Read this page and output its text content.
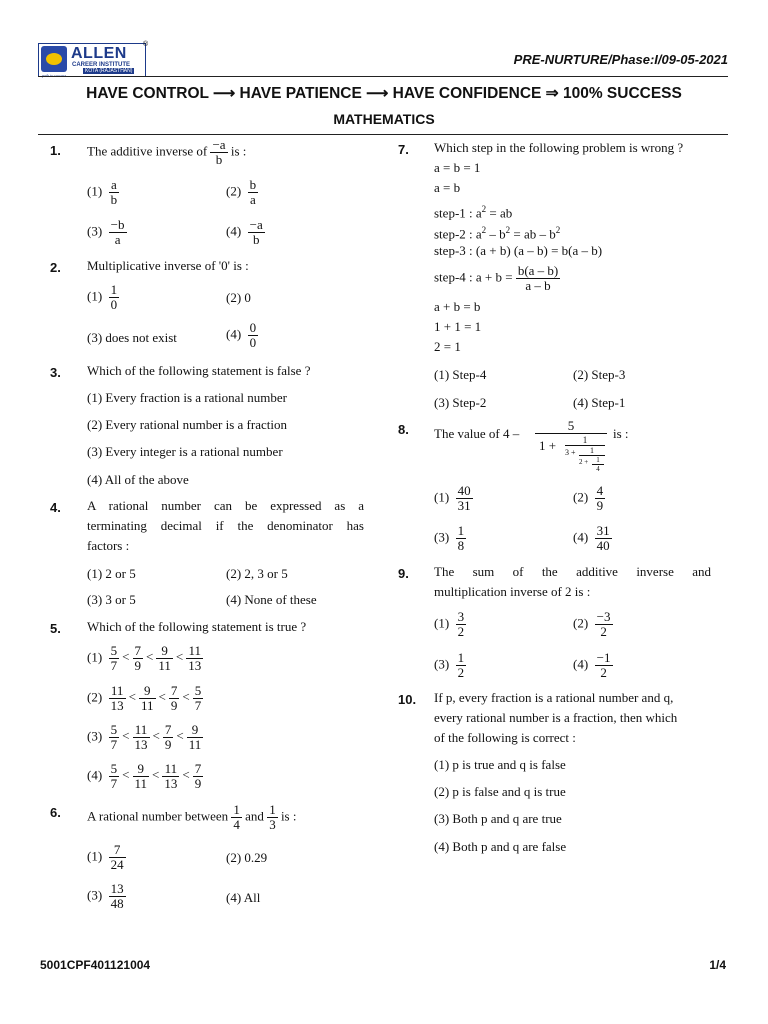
ALLEN
CAREER INSTITUTE
KOTA (RAJASTHAN)
®
PRE-NURTURE/Phase:I/09-05-2021
HAVE CONTROL ⟶ HAVE PATIENCE ⟶ HAVE CONFIDENCE ⇒ 100% SUCCESS
MATHEMATICS
1. The additive inverse of $\frac{-a}{b}$ is :
$(1) \frac{a}{b}$	$(2) \frac{b}{a}$
$(3) \frac{-b}{a}$	$(4) \frac{-a}{b}$
2. Multiplicative inverse of '0' is :
$(1) \frac{1}{0}$	(2) 0
(3) does not exist	$(4) \frac{0}{0}$
3. Which of the following statement is false ?
(1) Every fraction is a rational number
(2) Every rational number is a fraction
(3) Every integer is a rational number
(4) All of the above
4. A rational number can be expressed as a
terminating decimal if the denominator has
factors :
(1) 2 or 5	(2) 2, 3 or 5
(3) 3 or 5	(4) None of these
5. Which of the following statement is true ?
$(1) \frac{5}{7} < \frac{7}{9} < \frac{9}{11} < \frac{11}{13}$
$(2) \frac{11}{13} < \frac{9}{11} < \frac{7}{9} < \frac{5}{7}$
$(3) \frac{5}{7} < \frac{11}{13} < \frac{7}{9} < \frac{9}{11}$
$(4) \frac{5}{7} < \frac{9}{11} < \frac{11}{13} < \frac{7}{9}$
6. A rational number between $\frac{1}{4}$ and $\frac{1}{3}$ is :
$(1) \frac{7}{24}$	(2) 0.29
$(3) \frac{13}{48}$	(4) All
7. Which step in the following problem is wrong ?
a = b = 1
a = b
step-1 : $a^2$ = ab
step-2 : $a^2 - b^2$ = ab – $b^2$
step-3 : (a + b) (a – b) = b(a – b)
step-4 : $a + b = \frac{b(a - b)}{a - b}$
a + b = b
1 + 1 = 1
2 = 1
(1) Step-4	(2) Step-3
(3) Step-2	(4) Step-1
8. The value of 4 –
5
1 +	1
$3 + \frac{1}{2 + \frac{1}{4}}$
is :
$(1) \frac{40}{31}$	$(2) \frac{4}{9}$
$(3) \frac{1}{8}$	$(4) \frac{31}{40}$
9. The sum of the additive inverse and
multiplication inverse of 2 is :
$(1) \frac{3}{2}$	$(2) \frac{-3}{2}$
$(3) \frac{1}{2}$	$(4) \frac{-1}{2}$
10. If p, every fraction is a rational number and q,
every rational number is a fraction, then which
of the following is correct :
(1) p is true and q is false
(2) p is false and q is true
(3) Both p and q are true
(4) Both p and q are false
5001CPF401121004	1/4
